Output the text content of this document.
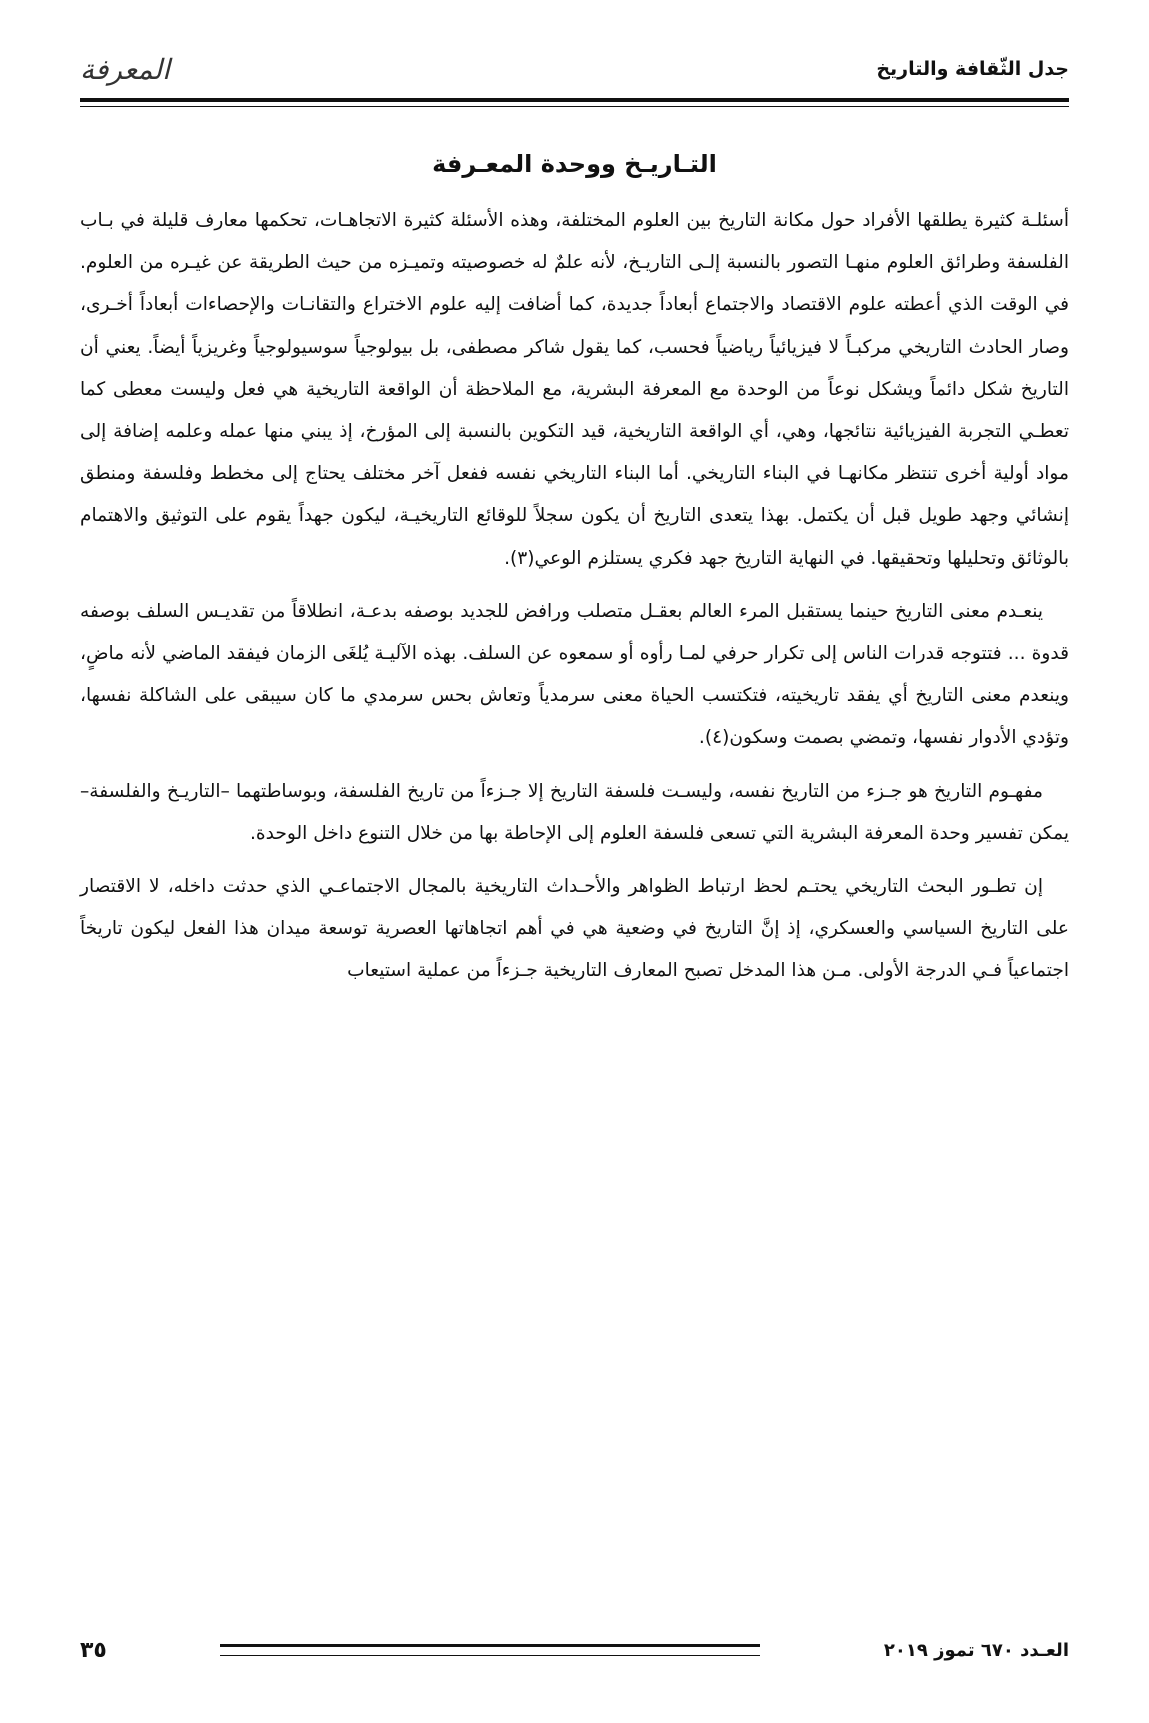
المعرفة	جدل الثّقافة والتاريخ
التـاريـخ ووحدة المعـرفة

أسئلـة كثيرة يطلقها الأفراد حول مكانة التاريخ بين العلوم المختلفة، وهذه الأسئلة كثيرة الاتجاهـات، تحكمها معارف قليلة في بـاب الفلسفة وطرائق العلوم منهـا التصور بالنسبة إلـى التاريـخ، لأنه علمٌ له خصوصيته وتميـزه من حيث الطريقة عن غيـره من العلوم. في الوقت الذي أعطته علوم الاقتصاد والاجتماع أبعاداً جديدة، كما أضافت إليه علوم الاختراع والتقانـات والإحصاءات أبعاداً أخـرى، وصار الحادث التاريخي مركبـاً لا فيزيائياً رياضياً فحسب، كما يقول شاكر مصطفى، بل بيولوجياً سوسيولوجياً وغريزياً أيضاً. يعني أن التاريخ شكل دائماً ويشكل نوعاً من الوحدة مع المعرفة البشرية، مع الملاحظة أن الواقعة التاريخية هي فعل وليست معطى كما تعطـي التجربة الفيزيائية نتائجها، وهي، أي الواقعة التاريخية، قيد التكوين بالنسبة إلى المؤرخ، إذ يبني منها عمله وعلمه إضافة إلى مواد أولية أخرى تنتظر مكانهـا في البناء التاريخي. أما البناء التاريخي نفسه ففعل آخر مختلف يحتاج إلى مخطط وفلسفة ومنطق إنشائي وجهد طويل قبل أن يكتمل. بهذا يتعدى التاريخ أن يكون سجلاً للوقائع التاريخيـة، ليكون جهداً يقوم على التوثيق والاهتمام بالوثائق وتحليلها وتحقيقها. في النهاية التاريخ جهد فكري يستلزم الوعي(٣).

ينعـدم معنى التاريخ حينما يستقبل المرء العالم بعقـل متصلب ورافض للجديد بوصفه بدعـة، انطلاقاً من تقديـس السلف بوصفه قدوة ... فتتوجه قدرات الناس إلى تكرار حرفي لمـا رأوه أو سمعوه عن السلف. بهذه الآليـة يُلغَى الزمان فيفقد الماضي لأنه ماضٍ، وينعدم معنى التاريخ أي يفقد تاريخيته، فتكتسب الحياة معنى سرمدياً وتعاش بحس سرمدي ما كان سيبقى على الشاكلة نفسها، وتؤدي الأدوار نفسها، وتمضي بصمت وسكون(٤).

مفهـوم التاريخ هو جـزء من التاريخ نفسه، وليسـت فلسفة التاريخ إلا جـزءاً من تاريخ الفلسفة، وبوساطتهما –التاريـخ والفلسفة– يمكن تفسير وحدة المعرفة البشرية التي تسعى فلسفة العلوم إلى الإحاطة بها من خلال التنوع داخل الوحدة.

إن تطـور البحث التاريخي يحتـم لحظ ارتباط الظواهر والأحـداث التاريخية بالمجال الاجتماعـي الذي حدثت داخله، لا الاقتصار على التاريخ السياسي والعسكري، إذ إنَّ التاريخ في وضعية هي في أهم اتجاهاتها العصرية توسعة ميدان هذا الفعل ليكون تاريخاً اجتماعياً فـي الدرجة الأولى. مـن هذا المدخل تصبح المعارف التاريخية جـزءاً من عملية استيعاب

٣٥	العـدد ٦٧٠ تموز ٢٠١٩
